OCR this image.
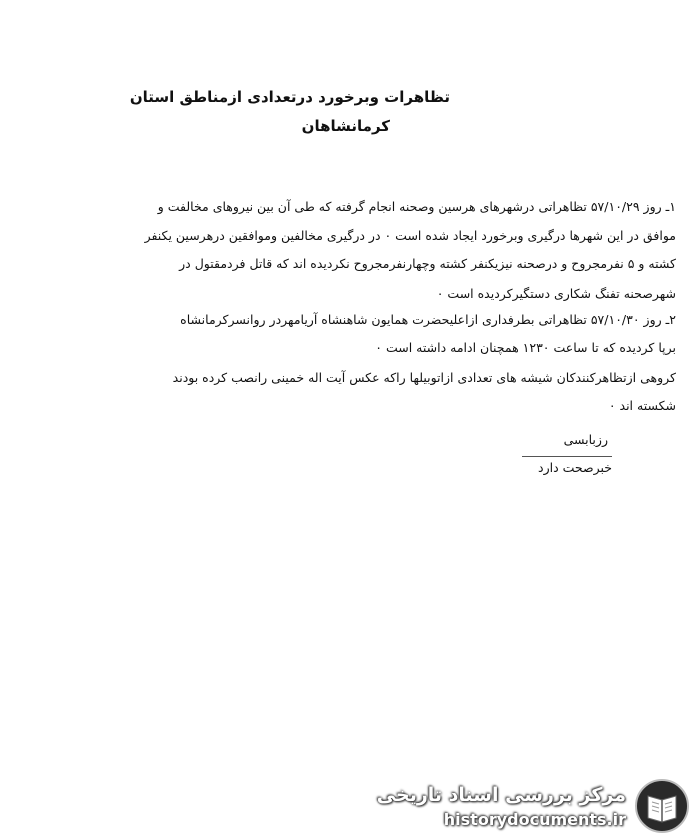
تظاهرات وبرخورد درتعدادی ازمناطق استان
کرمانشاهان
۱ـ روز ۵۷/۱۰/۲۹ تظاهراتی درشهرهای هرسین وصحنه انجام گرفته که طی آن بین نیروهای مخالفت و
موافق در این شهرها درگیری وبرخورد ایجاد شده است ۰ در درگیری مخالفین وموافقین درهرسین یکنفر
کشته و ۵ نفرمجروح و درصحنه نیزیکنفر کشته وچهارنفرمجروح نکردیده اند که قاتل فردمقتول در
شهرصحنه تفنگ شکاری دستگیرکردیده است ۰
۲ـ روز ۵۷/۱۰/۳۰ تظاهراتی بطرفداری ازاعلیحضرت همایون شاهنشاه آریامهردر روانسرکرمانشاه
برپا کردیده که تا ساعت ۱۲۳۰ همچنان ادامه داشته است ۰
کروهی ازتظاهرکنندکان شیشه های تعدادی ازاتوبیلها راکه عکس آیت اله خمینی رانصب کرده بودند
شکسته اند ۰
رزبابسی
خبرصحت دارد
مرکز بررسی اسناد تاریخی
historydocuments.ir
